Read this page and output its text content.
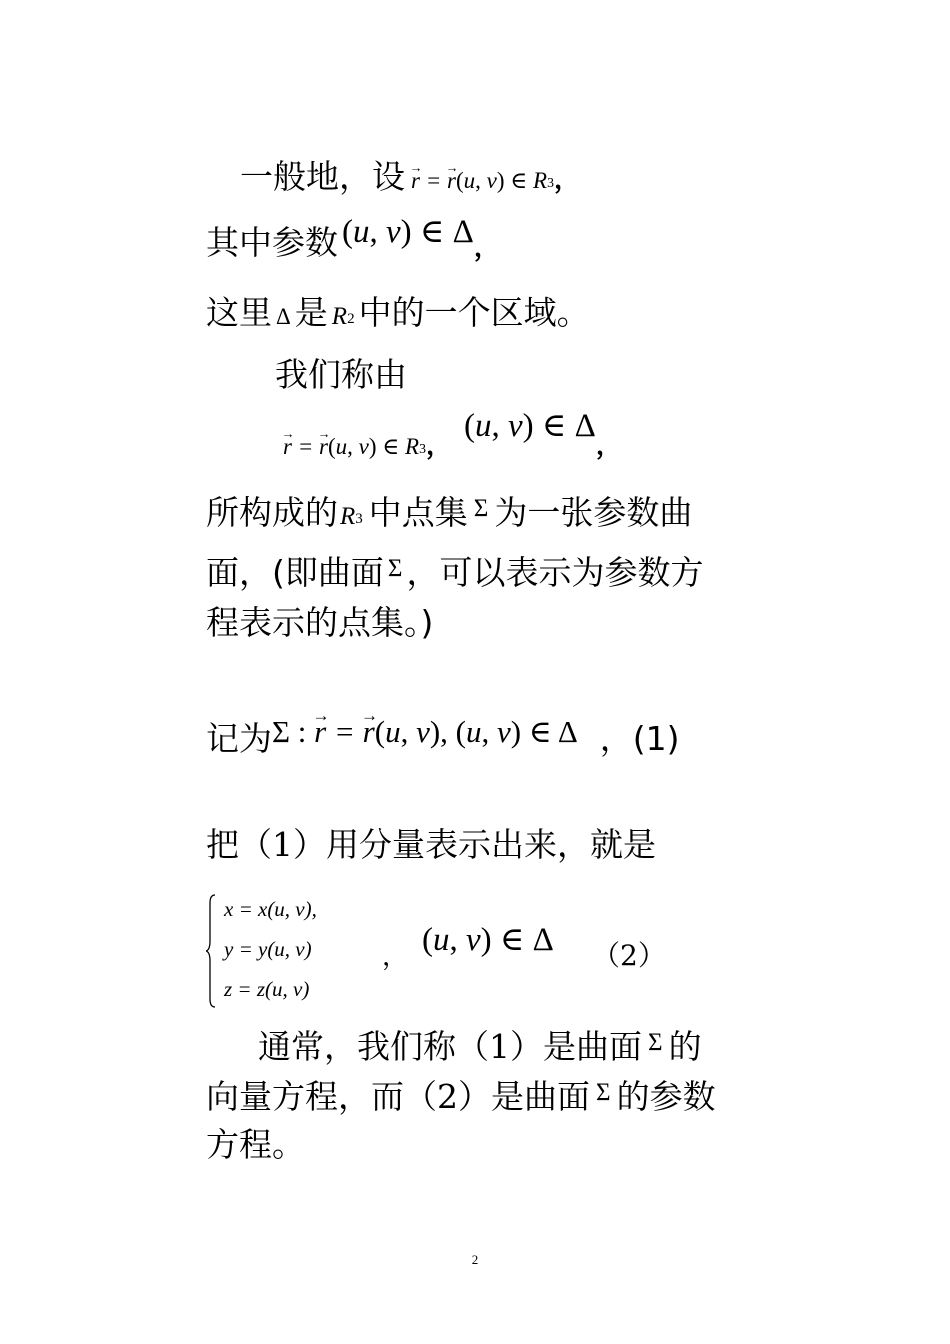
一般地，设 → r = → r(u, v) ∈ R3，
其中参数 (u, v) ∈ Δ，
这里 Δ 是 R2 中的一个区域。
我们称由
→ r = → r(u, v) ∈ R3，(u, v) ∈ Δ，
所构成的R3 中点集 Σ 为一张参数曲
面，(即曲面 Σ ，可以表示为参数方
程表示的点集。)
记为Σ : → r = → r(u, v), (u, v) ∈ Δ ，(1)
把（1）用分量表示出来，就是
x = x(u, v),
y = y(u, v)
z = z(u, v)
， (u, v) ∈ Δ （2）
通常，我们称（1）是曲面 Σ 的
向量方程，而（2）是曲面 Σ 的参数
方程。
2
